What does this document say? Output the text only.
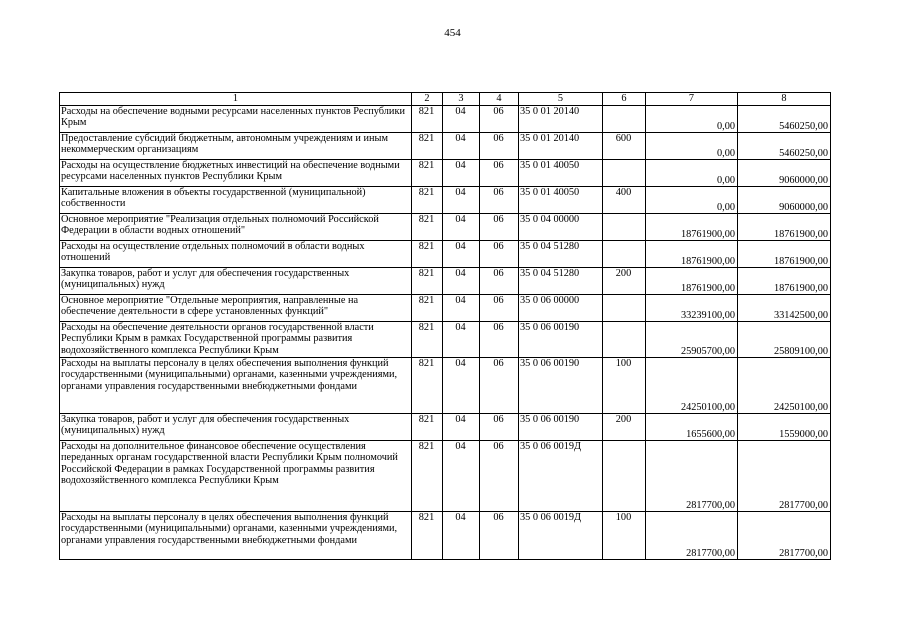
454
1	2	3	4	5	6	7	8
Расходы на обеспечение водными ресурсами населенных пунктов Республики Крым	821	04	06	35 0 01 20140		0,00	5460250,00
Предоставление субсидий бюджетным, автономным учреждениям и иным некоммерческим организациям	821	04	06	35 0 01 20140	600	0,00	5460250,00
Расходы на осуществление бюджетных инвестиций на обеспечение водными ресурсами населенных пунктов Республики Крым	821	04	06	35 0 01 40050		0,00	9060000,00
Капитальные вложения в объекты государственной (муниципальной) собственности	821	04	06	35 0 01 40050	400	0,00	9060000,00
Основное мероприятие "Реализация отдельных полномочий Российской Федерации в области водных отношений"	821	04	06	35 0 04 00000		18761900,00	18761900,00
Расходы на осуществление отдельных полномочий в области водных отношений	821	04	06	35 0 04 51280		18761900,00	18761900,00
Закупка товаров, работ и услуг для обеспечения государственных (муниципальных) нужд	821	04	06	35 0 04 51280	200	18761900,00	18761900,00
Основное мероприятие "Отдельные мероприятия, направленные на обеспечение деятельности в сфере установленных функций"	821	04	06	35 0 06 00000		33239100,00	33142500,00
Расходы на обеспечение деятельности органов государственной власти Республики Крым в рамках Государственной программы развития водохозяйственного комплекса Республики Крым	821	04	06	35 0 06 00190		25905700,00	25809100,00
Расходы на выплаты персоналу в целях обеспечения выполнения функций государственными (муниципальными) органами, казенными учреждениями, органами управления государственными внебюджетными фондами	821	04	06	35 0 06 00190	100	24250100,00	24250100,00
Закупка товаров, работ и услуг для обеспечения государственных (муниципальных) нужд	821	04	06	35 0 06 00190	200	1655600,00	1559000,00
Расходы на дополнительное финансовое обеспечение осуществления переданных органам государственной власти Республики Крым полномочий Российской Федерации в рамках Государственной программы развития водохозяйственного комплекса Республики Крым	821	04	06	35 0 06 0019Д		2817700,00	2817700,00
Расходы на выплаты персоналу в целях обеспечения выполнения функций государственными (муниципальными) органами, казенными учреждениями, органами управления государственными внебюджетными фондами	821	04	06	35 0 06 0019Д	100	2817700,00	2817700,00
